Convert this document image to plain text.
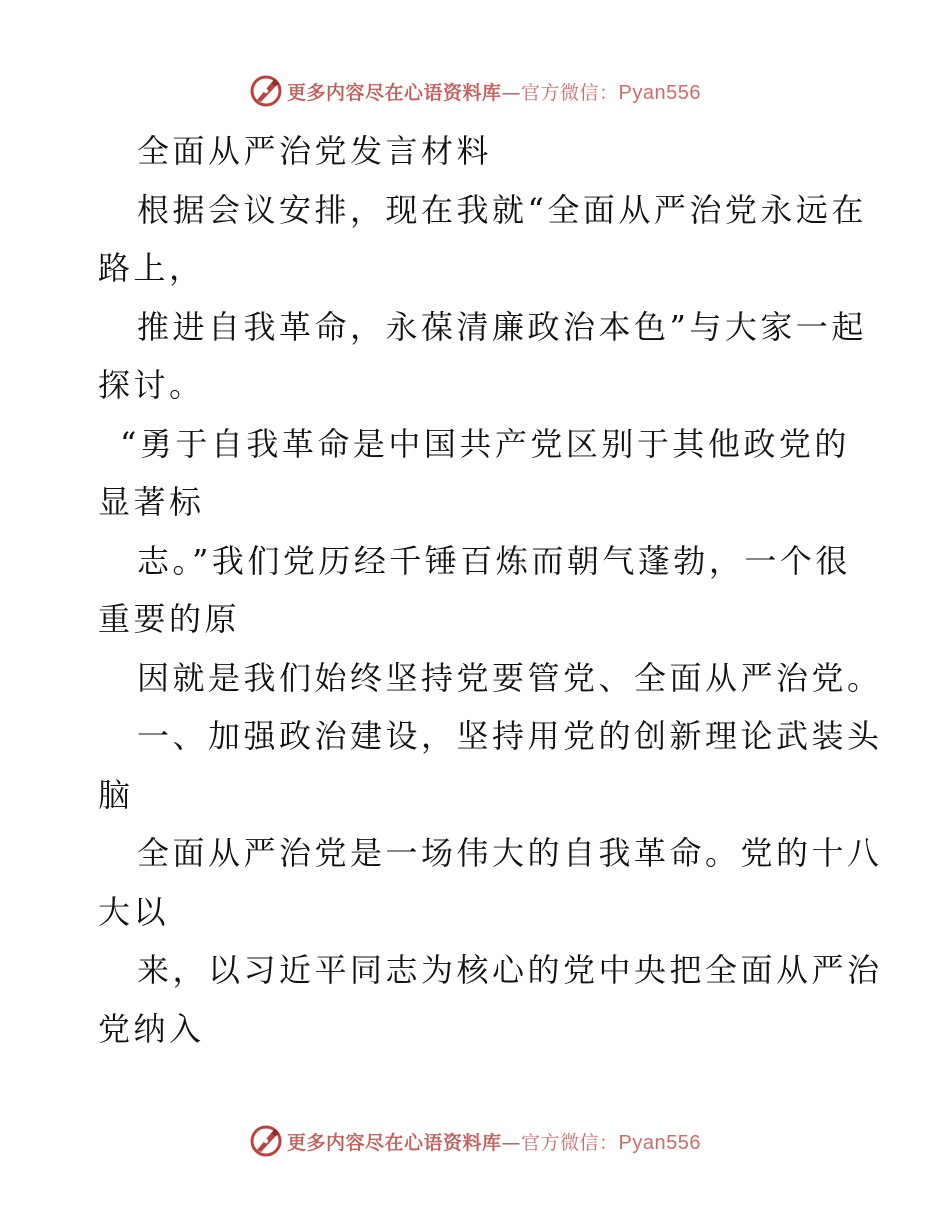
更多内容尽在心语资料库—官方微信：Pyan556
全面从严治党发言材料
根据会议安排，现在我就“全面从严治党永远在
路上，
推进自我革命，永葆清廉政治本色”与大家一起
探讨。
“勇于自我革命是中国共产党区别于其他政党的
显著标
志。”我们党历经千锤百炼而朝气蓬勃，一个很
重要的原
因就是我们始终坚持党要管党、全面从严治党。
一、加强政治建设，坚持用党的创新理论武装头
脑
全面从严治党是一场伟大的自我革命。党的十八
大以
来，以习近平同志为核心的党中央把全面从严治
党纳入
更多内容尽在心语资料库—官方微信：Pyan556
